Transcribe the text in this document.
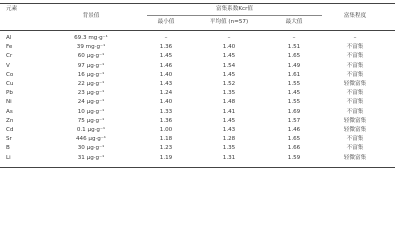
元素
背景值
富集系数Kcr值
最小值	平均值 (n=57)	最大值
富集程度
Al	69.3 mg·g⁻¹	–	–	–	–
Fe	39 mg·g⁻¹	1.36	1.40	1.51	不富集
Cr	60 μg·g⁻¹	1.45	1.45	1.65	不富集
V	97 μg·g⁻¹	1.46	1.54	1.49	不富集
Co	16 μg·g⁻¹	1.40	1.45	1.61	不富集
Cu	22 μg·g⁻¹	1.43	1.52	1.55	轻微富集
Pb	23 μg·g⁻¹	1.24	1.35	1.45	不富集
Ni	24 μg·g⁻¹	1.40	1.48	1.55	不富集
As	10 μg·g⁻¹	1.33	1.41	1.69	不富集
Zn	75 μg·g⁻¹	1.36	1.45	1.57	轻微富集
Cd	0.1 μg·g⁻¹	1.00	1.43	1.46	轻微富集
Sr	446 μg·g⁻¹	1.18	1.28	1.65	不富集
B	30 μg·g⁻¹	1.23	1.35	1.66	不富集
Li	31 μg·g⁻¹	1.19	1.31	1.59	轻微富集
